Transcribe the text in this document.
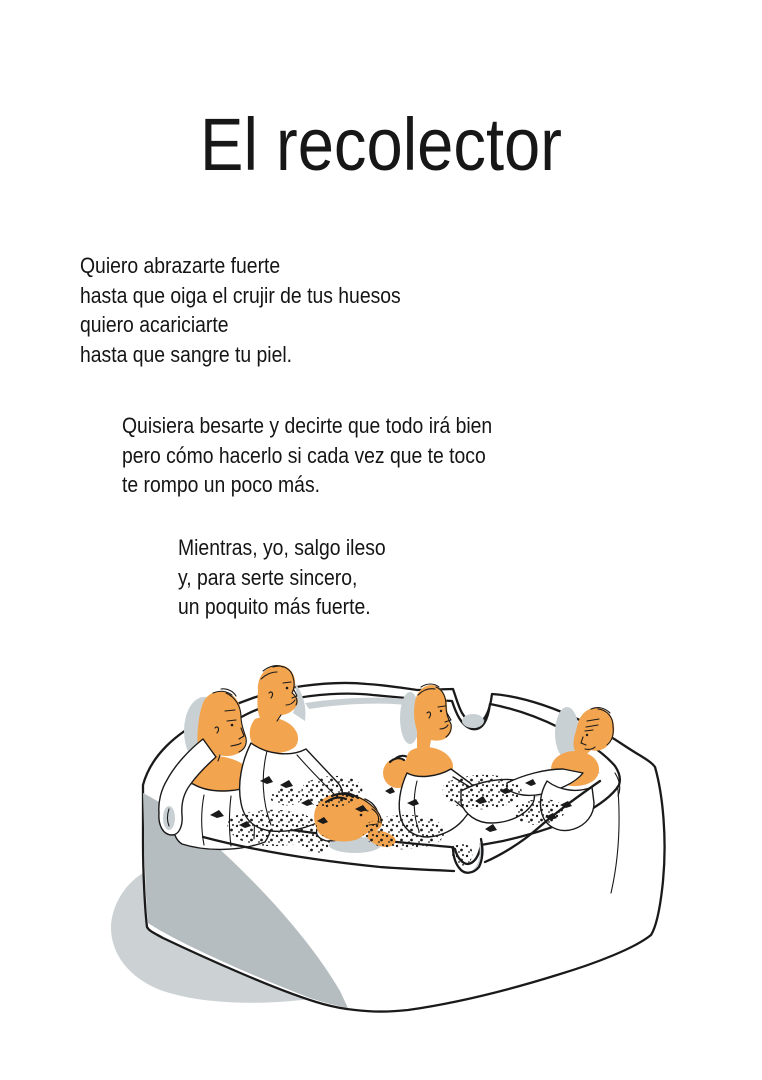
El recolector

Quiero abrazarte fuerte
hasta que oiga el crujir de tus huesos
quiero acariciarte
hasta que sangre tu piel.

Quisiera besarte y decirte que todo irá bien
pero cómo hacerlo si cada vez que te toco
te rompo un poco más.

Mientras, yo, salgo ileso
y, para serte sincero,
un poquito más fuerte.
